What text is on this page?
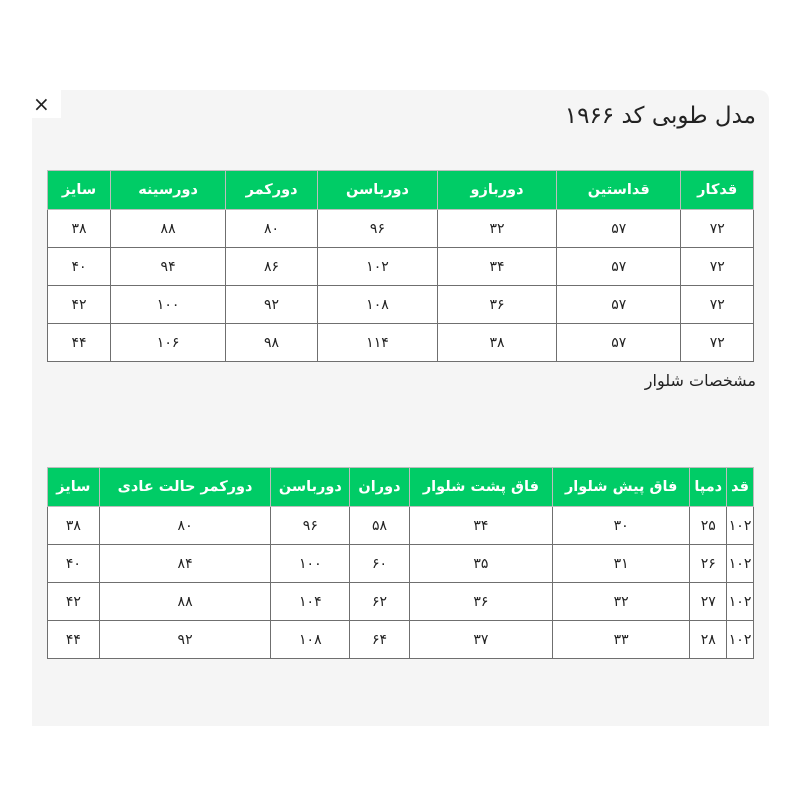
×	مدل طوبی کد ۱۹۶۶
قدکار	قداستین	دورباز‌و	دورباسن	دورکمر	دورسینه	سایز
۷۲	۵۷	۳۲	۹۶	۸۰	۸۸	۳۸
۷۲	۵۷	۳۴	۱۰۲	۸۶	۹۴	۴۰
۷۲	۵۷	۳۶	۱۰۸	۹۲	۱۰۰	۴۲
۷۲	۵۷	۳۸	۱۱۴	۹۸	۱۰۶	۴۴

مشخصات شلوار

قد	دمپا	فاق پیش شلوار	فاق پشت شلوار	دوران	دورباسن	دورکمر حالت عادی	سایز
۱۰۲	۲۵	۳۰	۳۴	۵۸	۹۶	۸۰	۳۸
۱۰۲	۲۶	۳۱	۳۵	۶۰	۱۰۰	۸۴	۴۰
۱۰۲	۲۷	۳۲	۳۶	۶۲	۱۰۴	۸۸	۴۲
۱۰۲	۲۸	۳۳	۳۷	۶۴	۱۰۸	۹۲	۴۴
